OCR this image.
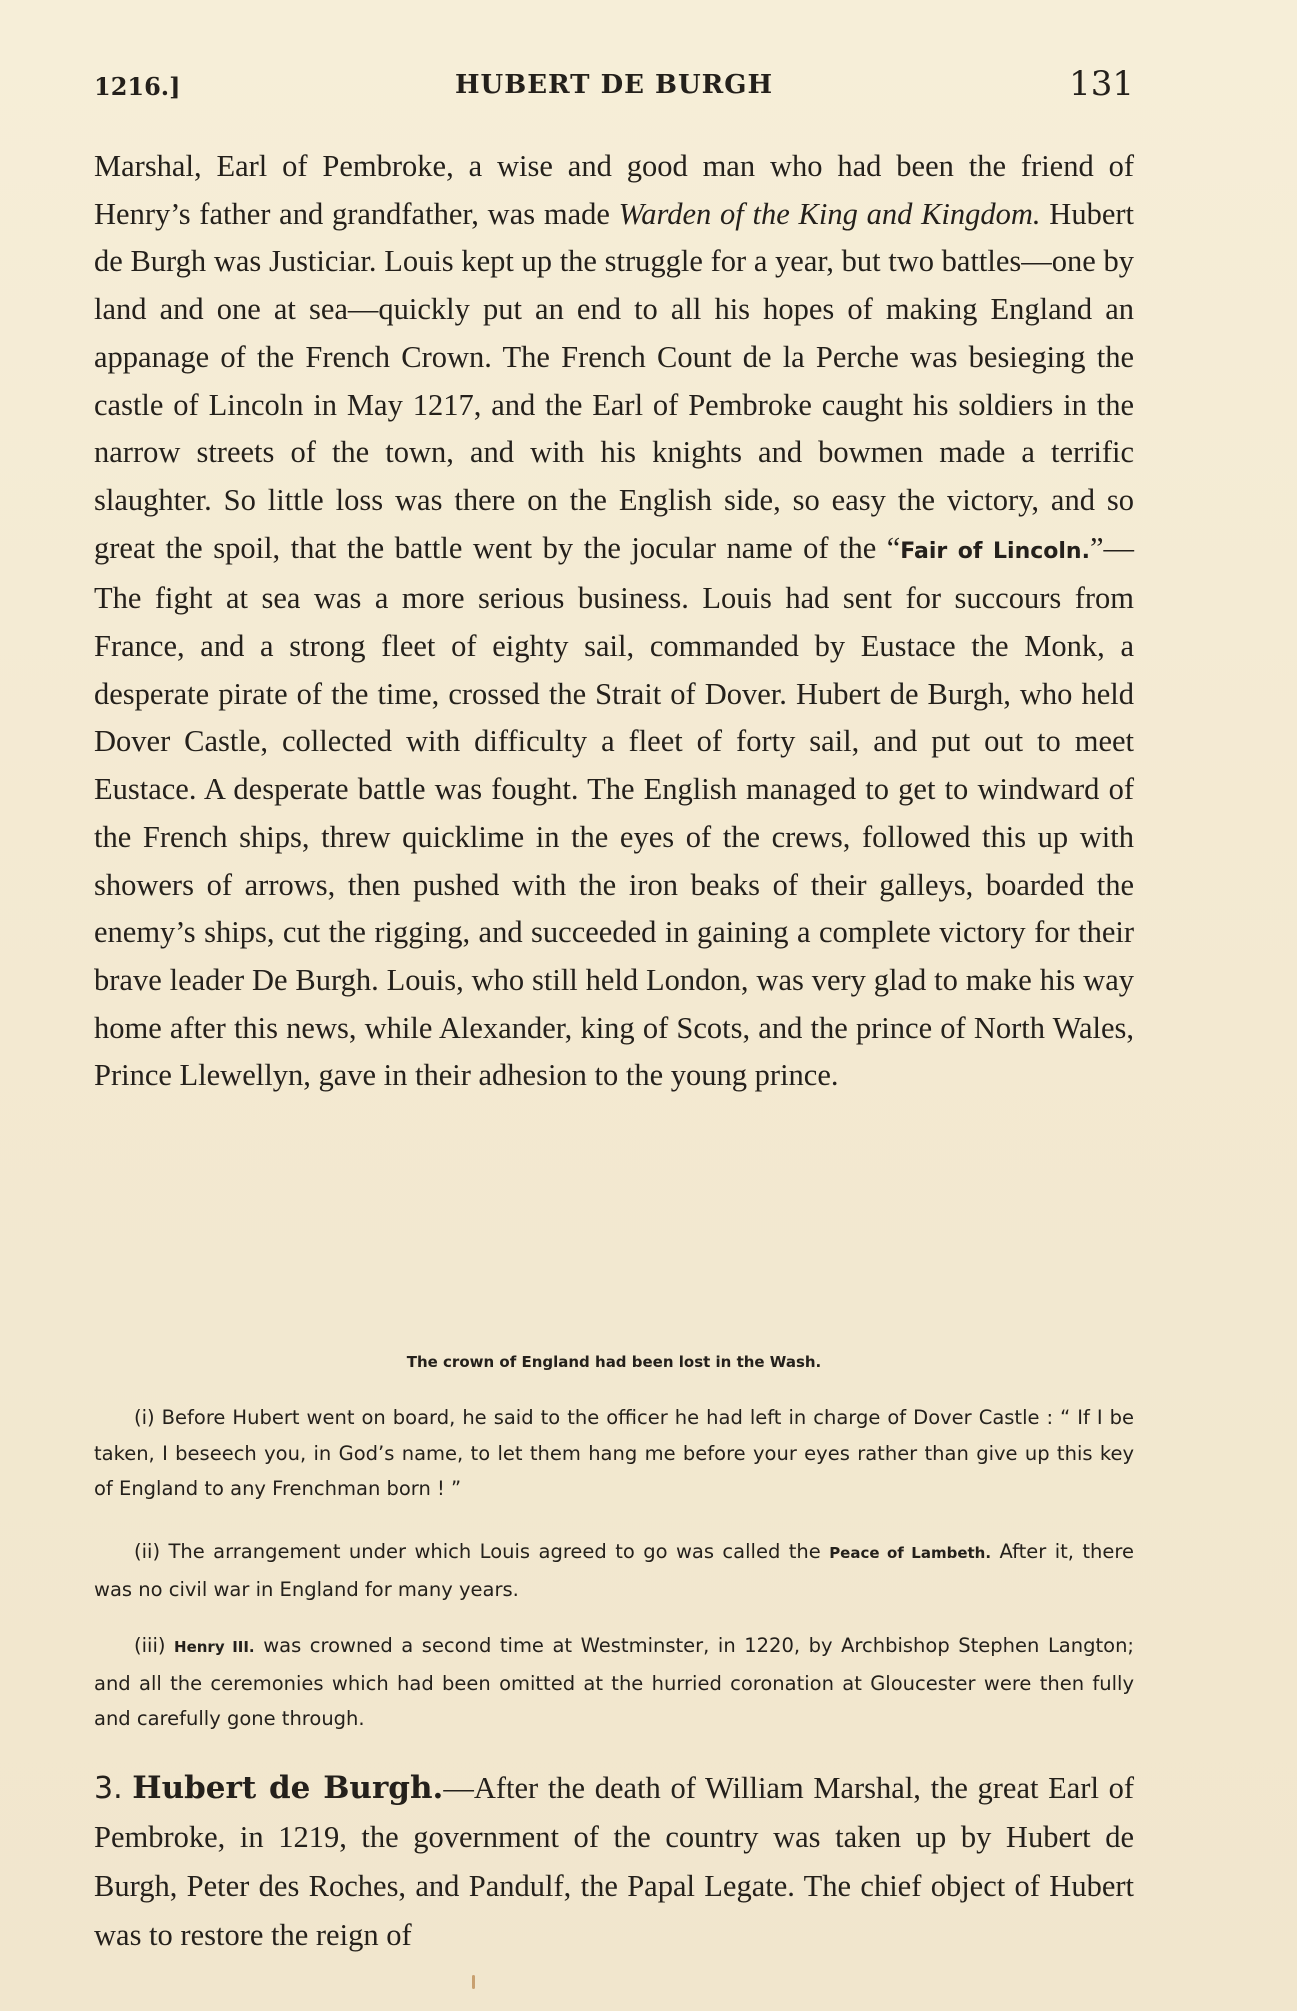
1216.]	HUBERT DE BURGH	131

Marshal, Earl of Pembroke, a wise and good man who had been the friend of Henry’s father and grandfather, was made Warden of the King and Kingdom. Hubert de Burgh was Justiciar. Louis kept up the struggle for a year, but two battles—one by land and one at sea—quickly put an end to all his hopes of making England an appanage of the French Crown. The French Count de la Perche was besieging the castle of Lincoln in May 1217, and the Earl of Pembroke caught his soldiers in the narrow streets of the town, and with his knights and bowmen made a terrific slaughter. So little loss was there on the English side, so easy the victory, and so great the spoil, that the battle went by the jocular name of the “Fair of Lincoln.”—The fight at sea was a more serious business. Louis had sent for succours from France, and a strong fleet of eighty sail, commanded by Eustace the Monk, a desperate pirate of the time, crossed the Strait of Dover. Hubert de Burgh, who held Dover Castle, collected with difficulty a fleet of forty sail, and put out to meet Eustace. A desperate battle was fought. The English managed to get to windward of the French ships, threw quicklime in the eyes of the crews, followed this up with showers of arrows, then pushed with the iron beaks of their galleys, boarded the enemy’s ships, cut the rigging, and succeeded in gaining a complete victory for their brave leader De Burgh. Louis, who still held London, was very glad to make his way home after this news, while Alexander, king of Scots, and the prince of North Wales, Prince Llewellyn, gave in their adhesion to the young prince.

The crown of England had been lost in the Wash.

(i) Before Hubert went on board, he said to the officer he had left in charge of Dover Castle : “ If I be taken, I beseech you, in God’s name, to let them hang me before your eyes rather than give up this key of England to any Frenchman born ! ”

(ii) The arrangement under which Louis agreed to go was called the Peace of Lambeth. After it, there was no civil war in England for many years.

(iii) Henry III. was crowned a second time at Westminster, in 1220, by Archbishop Stephen Langton; and all the ceremonies which had been omitted at the hurried coronation at Gloucester were then fully and carefully gone through.

3. Hubert de Burgh.—After the death of William Marshal, the great Earl of Pembroke, in 1219, the government of the country was taken up by Hubert de Burgh, Peter des Roches, and Pandulf, the Papal Legate. The chief object of Hubert was to restore the reign of
